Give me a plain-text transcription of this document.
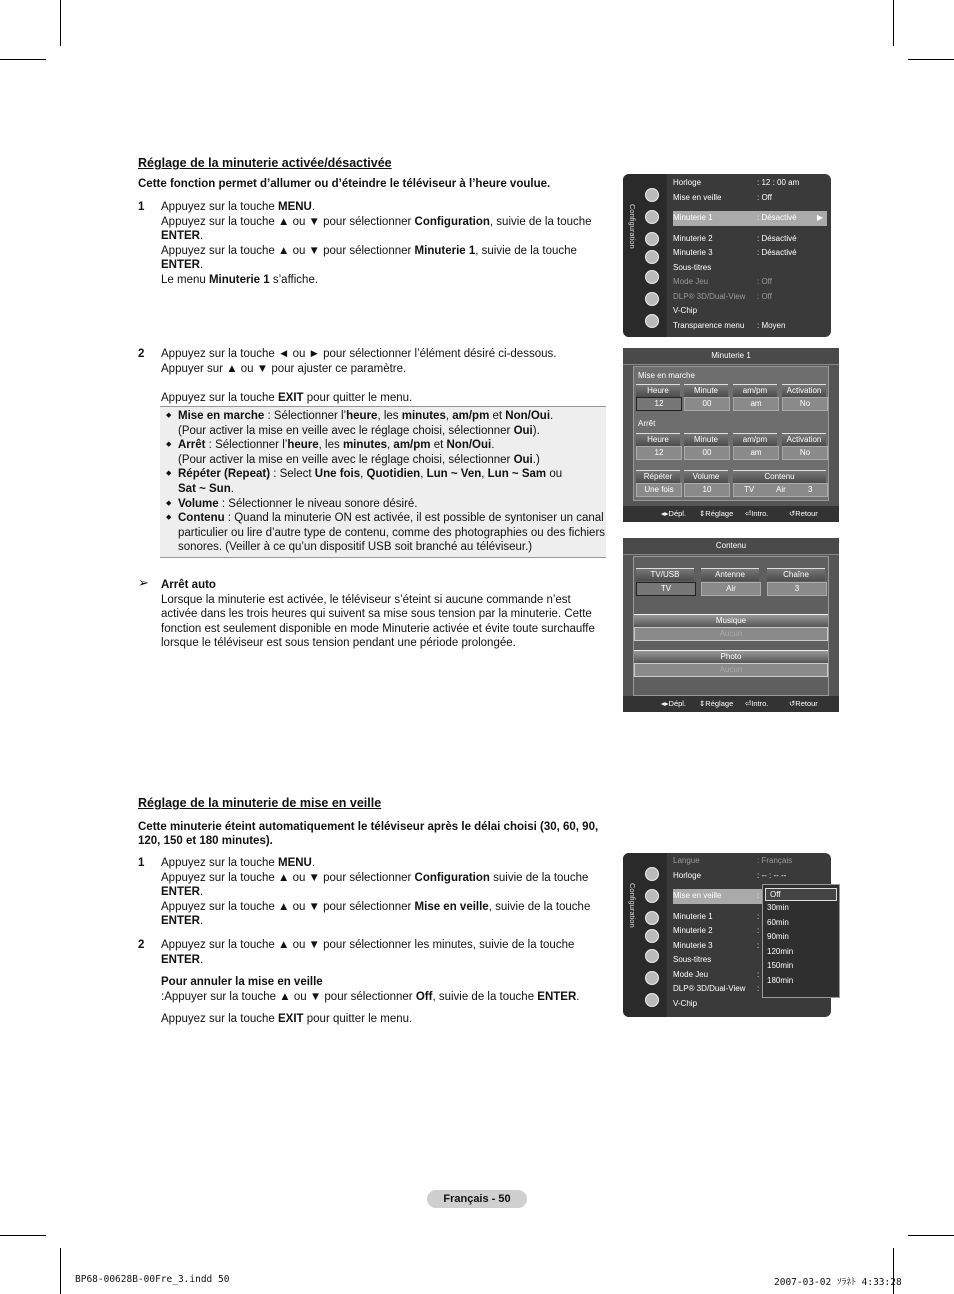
Réglage de la minuterie activée/désactivée
Cette fonction permet d’allumer ou d’éteindre le téléviseur à l’heure voulue.
1 Appuyez sur la touche MENU.

Appuyez sur la touche ▲ ou ▼ pour sélectionner Configuration, suivie de la touche ENTER.

Appuyez sur la touche ▲ ou ▼ pour sélectionner Minuterie 1, suivie de la touche ENTER.

Le menu Minuterie 1 s’affiche.

2 Appuyez sur la touche ◄ ou ► pour sélectionner l’élément désiré ci-dessous.

Appuyer sur ▲ ou ▼ pour ajuster ce paramètre.

Appuyez sur la touche EXIT pour quitter le menu.

◆ Mise en marche : Sélectionner l’heure, les minutes, am/pm et Non/Oui.
(Pour activer la mise en veille avec le réglage choisi, sélectionner Oui).
◆ Arrêt : Sélectionner l’heure, les minutes, am/pm et Non/Oui.
(Pour activer la mise en veille avec le réglage choisi, sélectionner Oui.)
◆ Répéter (Repeat) : Select Une fois, Quotidien, Lun ~ Ven, Lun ~ Sam ou
Sat ~ Sun.
◆ Volume : Sélectionner le niveau sonore désiré.
◆ Contenu : Quand la minuterie ON est activée, il est possible de syntoniser un canal particulier ou lire d’autre type de contenu, comme des photographies ou des fichiers sonores. (Veiller à ce qu’un dispositif USB soit branché au téléviseur.)
➢ Arrêt auto
Lorsque la minuterie est activée, le téléviseur s’éteint si aucune commande n’est activée dans les trois heures qui suivent sa mise sous tension par la minuterie. Cette fonction est seulement disponible en mode Minuterie activée et évite toute surchauffe lorsque le téléviseur est sous tension pendant une période prolongée.
Réglage de la minuterie de mise en veille
Cette minuterie éteint automatiquement le téléviseur après le délai choisi (30, 60, 90, 120, 150 et 180 minutes).
1 Appuyez sur la touche MENU.

Appuyez sur la touche ▲ ou ▼ pour sélectionner Configuration suivie de la touche ENTER.

Appuyez sur la touche ▲ ou ▼ pour sélectionner Mise en veille, suivie de la touche ENTER.

2 Appuyez sur la touche ▲ ou ▼ pour sélectionner les minutes, suivie de la touche ENTER.

Pour annuler la mise en veille

:Appuyer sur la touche ▲ ou ▼ pour sélectionner Off, suivie de la touche ENTER.

Appuyez sur la touche EXIT pour quitter le menu.

Configuration
Horloge	: 12 : 00 am
Mise en veille	: Off
Minuterie 1	: Désactivé	▶
Minuterie 2	: Désactivé
Minuterie 3	: Désactivé
Sous-titres
Mode Jeu	: Off
DLP® 3D/Dual-View : Off
V-Chip
Transparence menu : Moyen
Minuterie 1
Mise en marche
Heure	Minute	am/pm	Activation
12	00	am	No
Arrêt
Heure	Minute	am/pm	Activation
12	00	am	No
Répéter	Volume	Contenu
Une fois	10	TV	Air	3
◂▸ Dépl. ⇕ Réglage ⏎ Intro.	↺ Retour
Contenu
TV/USB	Antenne	Chaîne
TV	Air	3
Musique
Aucun
Photo
Aucun
◂▸ Dépl. ⇕ Réglage ⏎ Intro.	↺ Retour
Configuration
Langue	: Français
Horloge	: -- : -- --
Mise en veille	:
Minuterie 1	:
Minuterie 2	:
Minuterie 3	:
Sous-titres
Mode Jeu	:
DLP® 3D/Dual-View :
V-Chip
Off
30min
60min
90min
120min
150min
180min
Français - 50
BP68-00628B-00Fre_3.indd 50	2007-03-02 ｿﾗﾈﾄ 4:33:28
